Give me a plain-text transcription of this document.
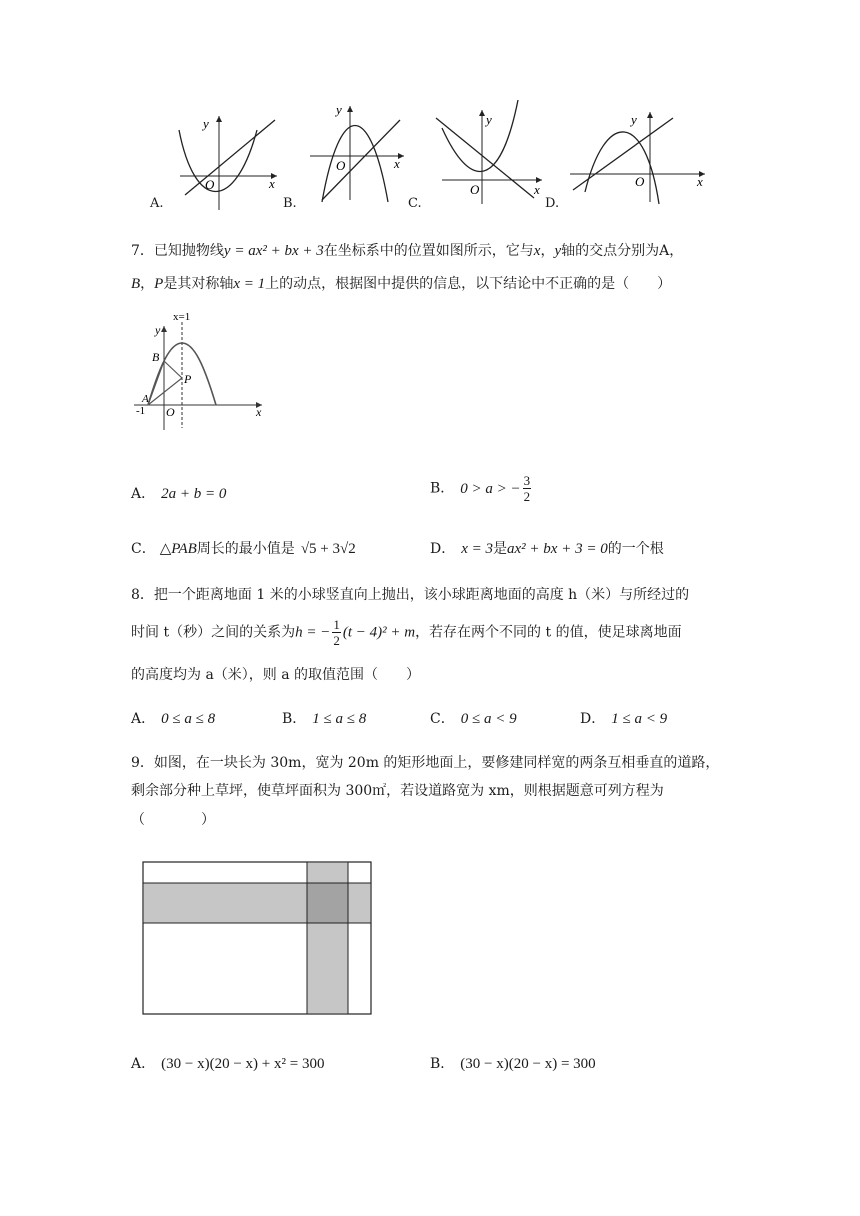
y
x
O
y
x
O
y
x
O
y
x
O
A.	B.	C.	D.
7．已知抛物线y = ax² + bx + 3在坐标系中的位置如图所示，它与x，y轴的交点分别为A，
B，P是其对称轴x = 1上的动点，根据图中提供的信息，以下结论中不正确的是（　　）
x=1
y
x
B
P
A
-1 O
A． 2a + b = 0	B． 0 > a > − $\frac{3}{2}$
C． △PAB周长的最小值是 √5 + 3√2	D． x = 3是ax² + bx + 3 = 0的一个根
8．把一个距离地面 1 米的小球竖直向上抛出，该小球距离地面的高度 h（米）与所经过的
时间 t（秒）之间的关系为h = − $\frac{1}{2} (t - 4)^2 + m$，若存在两个不同的 t 的值，使足球离地面
的高度均为 a（米），则 a 的取值范围（　　）
A． 0 ≤ a ≤ 8	B． 1 ≤ a ≤ 8	C． 0 ≤ a < 9	D． 1 ≤ a < 9
9．如图，在一块长为 30m，宽为 20m 的矩形地面上，要修建同样宽的两条互相垂直的道路，
剩余部分种上草坪，使草坪面积为 300㎡，若设道路宽为 xm，则根据题意可列方程为
（　　　　）
A． (30 − x)(20 − x) + x² = 300	B． (30 − x)(20 − x) = 300
